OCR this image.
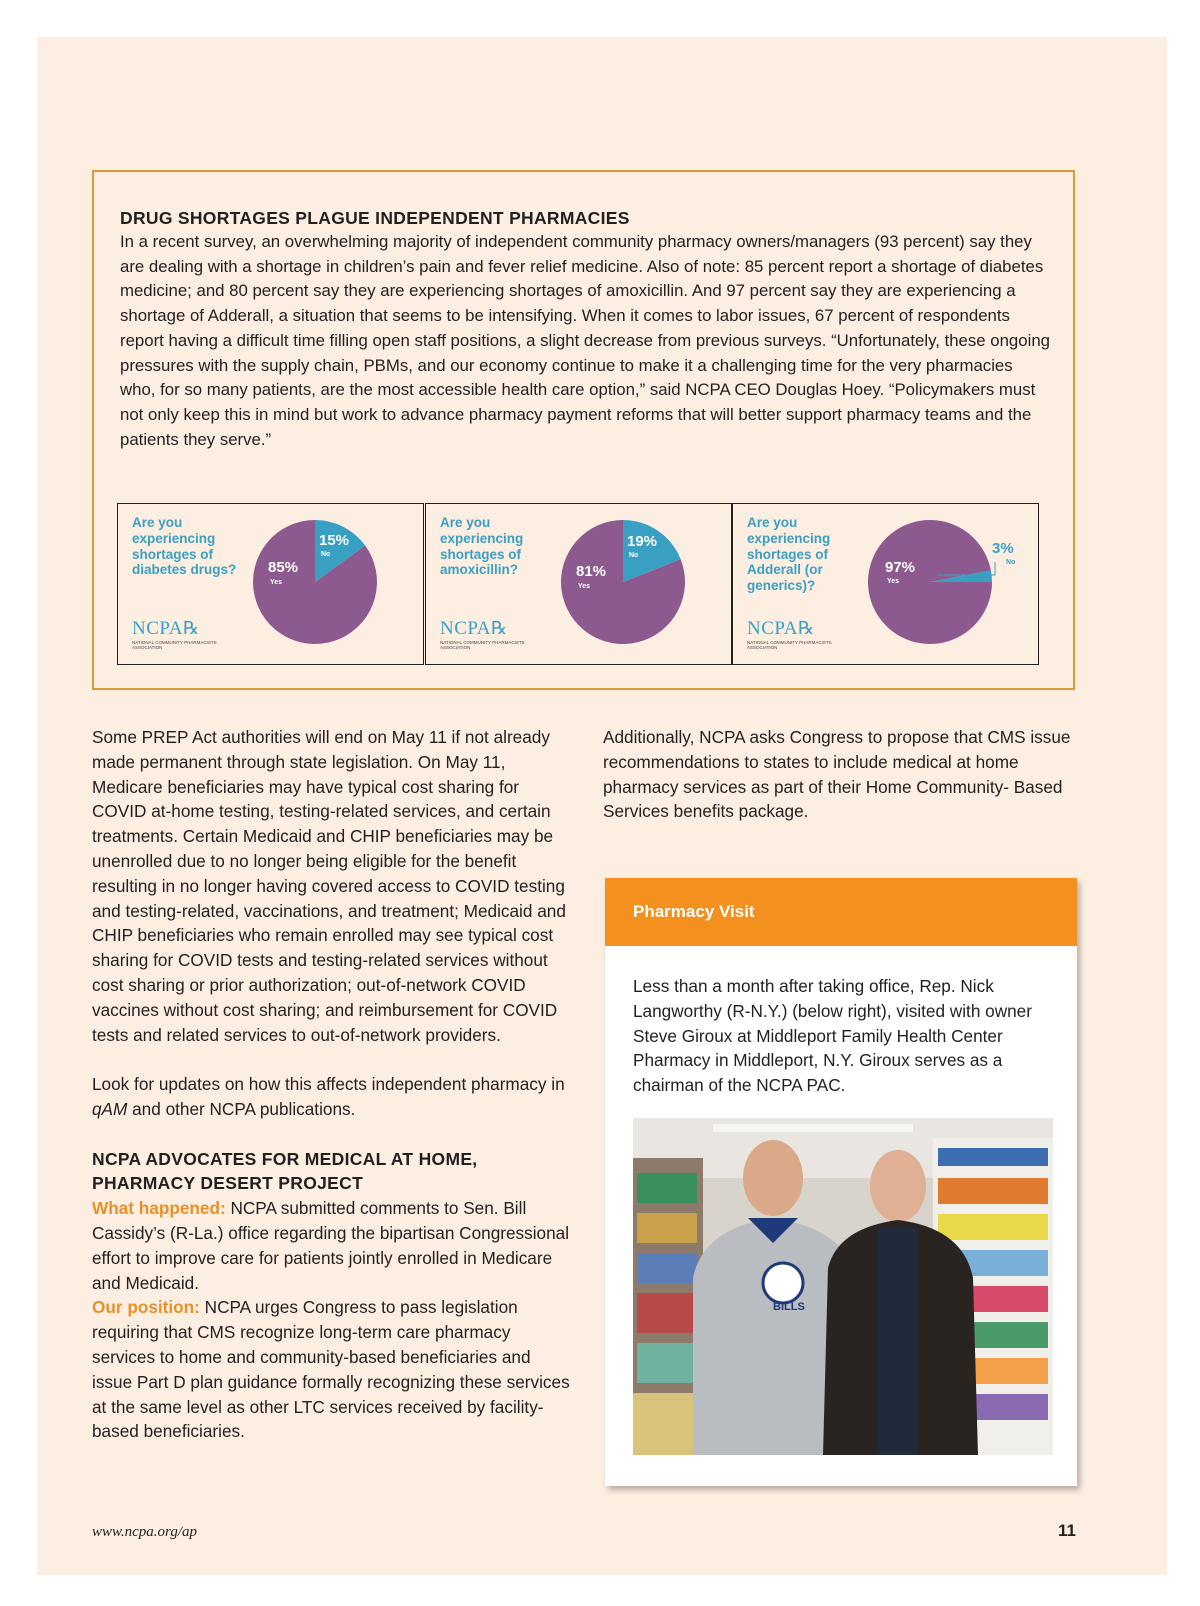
DRUG SHORTAGES PLAGUE INDEPENDENT PHARMACIES
In a recent survey, an overwhelming majority of independent community pharmacy owners/managers (93 percent) say they are dealing with a shortage in children’s pain and fever relief medicine. Also of note: 85 percent report a shortage of diabetes medicine; and 80 percent say they are experiencing shortages of amoxicillin. And 97 percent say they are experiencing a shortage of Adderall, a situation that seems to be intensifying. When it comes to labor issues, 67 percent of respondents report having a difficult time filling open staff positions, a slight decrease from previous surveys. “Unfortunately, these ongoing pressures with the supply chain, PBMs, and our economy continue to make it a challenging time for the very pharmacies who, for so many patients, are the most accessible health care option,” said NCPA CEO Douglas Hoey. “Policymakers must not only keep this in mind but work to advance pharmacy payment reforms that will better support pharmacy teams and the patients they serve.”
85%
Yes
15%
No
Are you experiencing shortages of diabetes drugs?
NCPA℞
NATIONAL COMMUNITY PHARMACISTS ASSOCIATION
81%
Yes
19%
No
Are you experiencing shortages of amoxicillin?
NCPA℞
NATIONAL COMMUNITY PHARMACISTS ASSOCIATION
97%
Yes
3%
No
Are you experiencing shortages of Adderall (or generics)?
NCPA℞
NATIONAL COMMUNITY PHARMACISTS ASSOCIATION

Some PREP Act authorities will end on May 11 if not already made permanent through state legislation. On May 11, Medicare beneficiaries may have typical cost sharing for COVID at-home testing, testing-related services, and certain treatments. Certain Medicaid and CHIP beneficiaries may be unenrolled due to no longer being eligible for the benefit resulting in no longer having covered access to COVID testing and testing-related, vaccinations, and treatment; Medicaid and CHIP beneficiaries who remain enrolled may see typical cost sharing for COVID tests and testing-related services without cost sharing or prior authorization; out-of-network COVID vaccines without cost sharing; and reimbursement for COVID tests and related services to out-of-network providers.

Look for updates on how this affects independent pharmacy in qAM and other NCPA publications.

NCPA ADVOCATES FOR MEDICAL AT HOME, PHARMACY DESERT PROJECT
What happened: NCPA submitted comments to Sen. Bill Cassidy’s (R-La.) office regarding the bipartisan Congressional effort to improve care for patients jointly enrolled in Medicare and Medicaid.
Our position: NCPA urges Congress to pass legislation requiring that CMS recognize long-term care pharmacy services to home and community-based beneficiaries and issue Part D plan guidance formally recognizing these services at the same level as other LTC services received by facility-based beneficiaries.

Additionally, NCPA asks Congress to propose that CMS issue recommendations to states to include medical at home pharmacy services as part of their Home Community- Based Services benefits package.

Pharmacy Visit
Less than a month after taking office, Rep. Nick Langworthy (R-N.Y.) (below right), visited with owner Steve Giroux at Middleport Family Health Center Pharmacy in Middleport, N.Y. Giroux serves as a chairman of the NCPA PAC.
BILLS
www.ncpa.org/ap	11
